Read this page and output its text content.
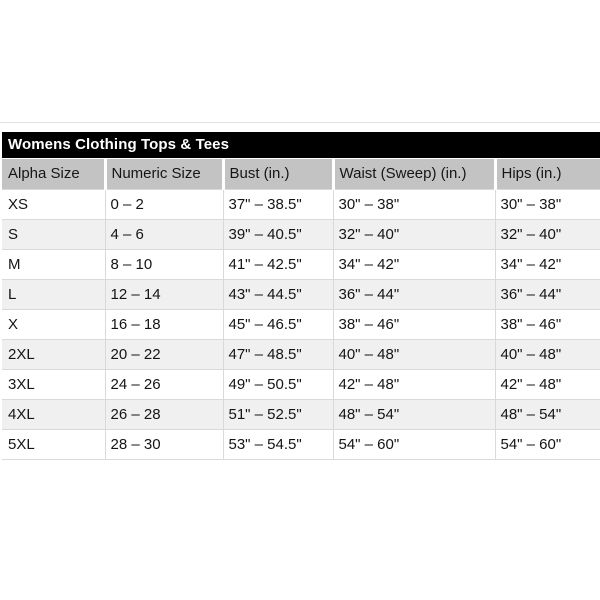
Womens Clothing Tops & Tees
Alpha Size	Numeric Size	Bust (in.)	Waist (Sweep) (in.)	Hips (in.)
XS	0 – 2	37" – 38.5"	30" – 38"	30" – 38"
S	4 – 6	39" – 40.5"	32" – 40"	32" – 40"
M	8 – 10	41" – 42.5"	34" – 42"	34" – 42"
L	12 – 14	43" – 44.5"	36" – 44"	36" – 44"
X	16 – 18	45" – 46.5"	38" – 46"	38" – 46"
2XL	20 – 22	47" – 48.5"	40" – 48"	40" – 48"
3XL	24 – 26	49" – 50.5"	42" – 48"	42" – 48"
4XL	26 – 28	51" – 52.5"	48" – 54"	48" – 54"
5XL	28 – 30	53" – 54.5"	54" – 60"	54" – 60"
